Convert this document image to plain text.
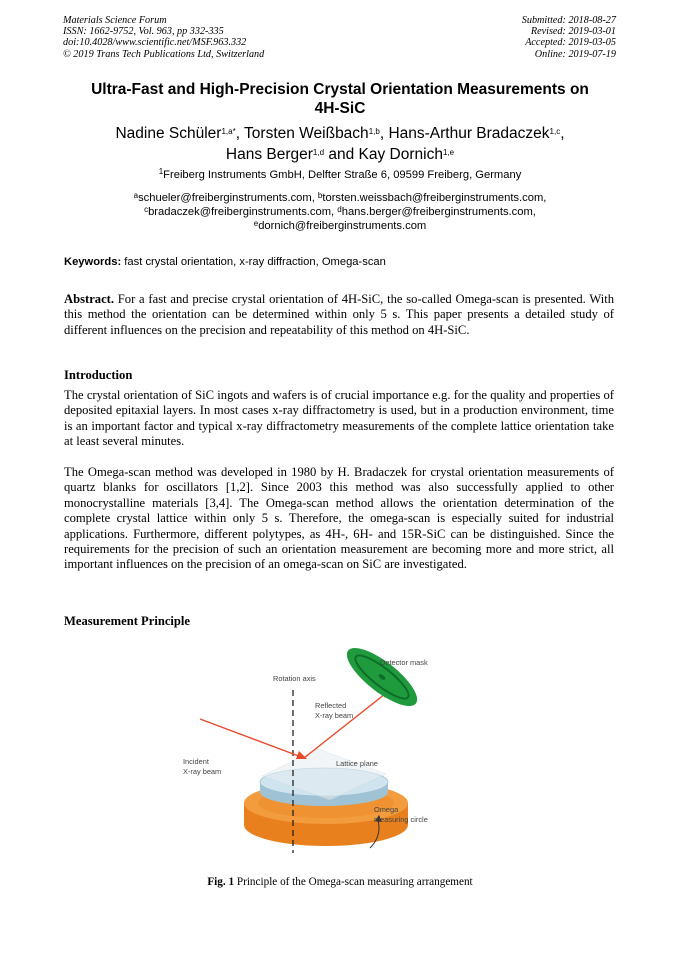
Materials Science Forum
ISSN: 1662-9752, Vol. 963, pp 332-335
doi:10.4028/www.scientific.net/MSF.963.332
© 2019 Trans Tech Publications Ltd, Switzerland
Submitted: 2018-08-27
Revised: 2019-03-01
Accepted: 2019-03-05
Online: 2019-07-19
Ultra-Fast and High-Precision Crystal Orientation Measurements on
4H-SiC
Nadine Schüler$^{1,a*}$, Torsten Weißbach$^{1,b}$, Hans-Arthur Bradaczek$^{1,c}$,
Hans Berger$^{1,d}$ and Kay Dornich$^{1,e}$
$^1$Freiberg Instruments GmbH, Delfter Straße 6, 09599 Freiberg, Germany
$^a$schueler@freiberginstruments.com, $^b$torsten.weissbach@freiberginstruments.com,
$^c$bradaczek@freiberginstruments.com, $^d$hans.berger@freiberginstruments.com,
$^e$dornich@freiberginstruments.com
Keywords: fast crystal orientation, x-ray diffraction, Omega-scan
Abstract. For a fast and precise crystal orientation of 4H-SiC, the so-called Omega-scan is presented. With this method the orientation can be determined within only 5 s. This paper presents a detailed study of different influences on the precision and repeatability of this method on 4H-SiC.
Introduction
The crystal orientation of SiC ingots and wafers is of crucial importance e.g. for the quality and properties of deposited epitaxial layers. In most cases x-ray diffractometry is used, but in a production environment, time is an important factor and typical x-ray diffractometry measurements of the complete lattice orientation take at least several minutes.
The Omega-scan method was developed in 1980 by H. Bradaczek for crystal orientation measurements of quartz blanks for oscillators [1,2]. Since 2003 this method was also successfully applied to other monocrystalline materials [3,4]. The Omega-scan method allows the orientation determination of the complete crystal lattice within only 5 s. Therefore, the omega-scan is especially suited for industrial applications. Furthermore, different polytypes, as 4H-, 6H- and 15R-SiC can be distinguished. Since the requirements for the precision of such an orientation measurement are becoming more and more strict, all important influences on the precision of an omega-scan on SiC are investigated.
Measurement Principle
Detector mask
Rotation axis
Reflected
X-ray beam
Incident
X-ray beam
Lattice plane
Omega
measuring circle
Fig. 1 Principle of the Omega-scan measuring arrangement
